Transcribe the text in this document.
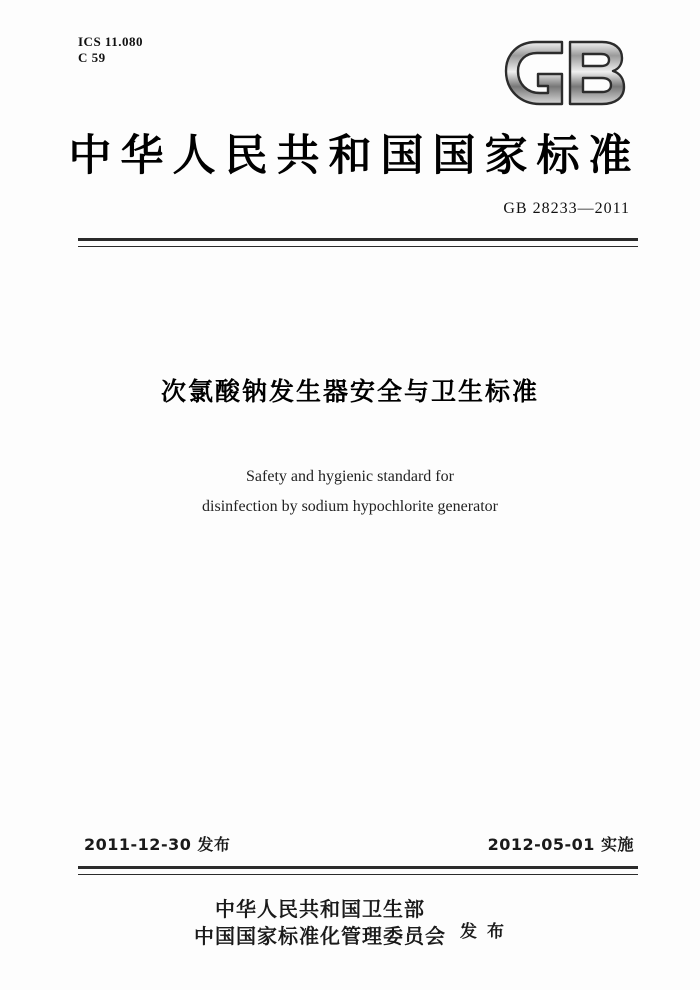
ICS 11.080
C 59
中华人民共和国国家标准
GB 28233—2011
次氯酸钠发生器安全与卫生标准
Safety and hygienic standard for
disinfection by sodium hypochlorite generator
2011-12-30 发布	2012-05-01 实施
中华人民共和国卫生部
中国国家标准化管理委员会 发 布
